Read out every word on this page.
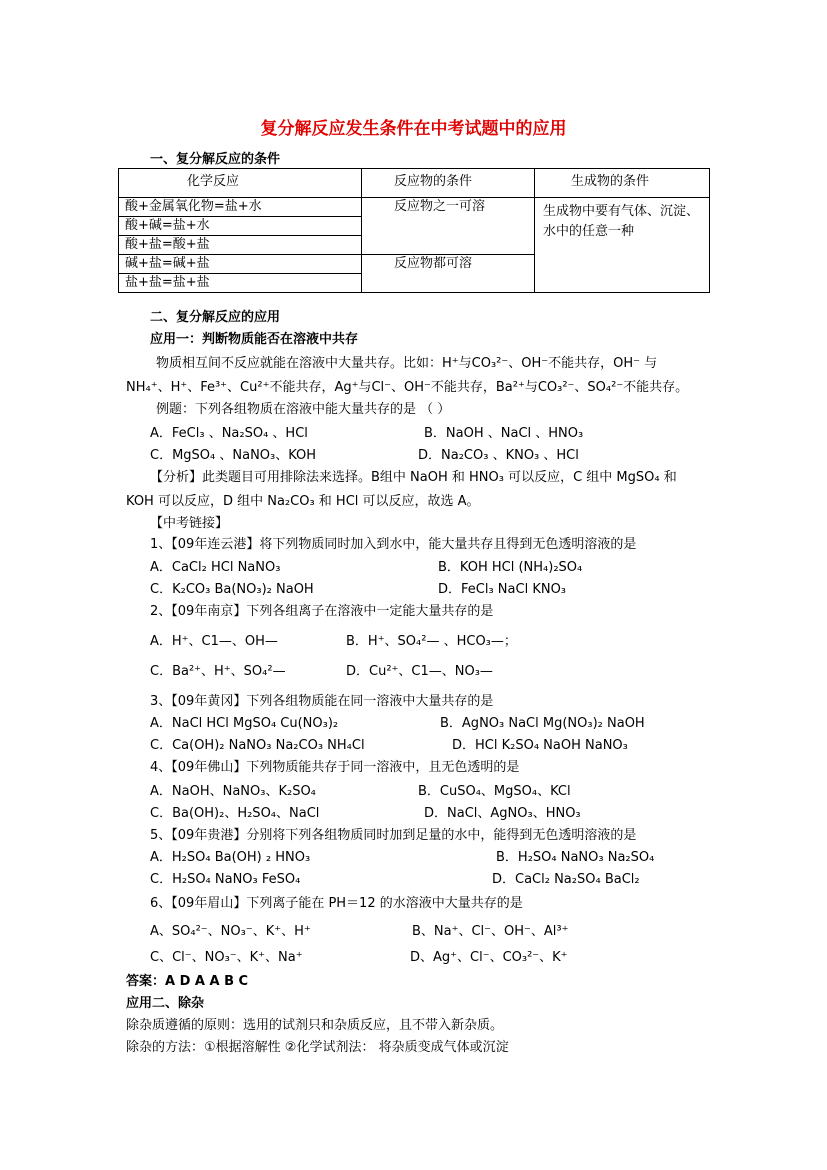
复分解反应发生条件在中考试题中的应用
一、复分解反应的条件
化学反应	反应物的条件	生成物的条件
酸+金属氧化物=盐+水	反应物之一可溶	生成物中要有气体、沉淀、水中的任意一种
酸+碱=盐+水		
酸+盐=酸+盐		
碱+盐=碱+盐	反应物都可溶	
盐+盐=盐+盐		
二、复分解反应的应用
应用一：判断物质能否在溶液中共存
物质相互间不反应就能在溶液中大量共存。比如：H⁺与CO₃²⁻、OH⁻不能共存，OH⁻ 与
NH₄⁺、H⁺、Fe³⁺、Cu²⁺不能共存，Ag⁺与Cl⁻、OH⁻不能共存，Ba²⁺与CO₃²⁻、SO₄²⁻不能共存。
例题：下列各组物质在溶液中能大量共存的是 （ ）
A．FeCl₃ 、Na₂SO₄ 、HCl	B．NaOH 、NaCl 、HNO₃
C．MgSO₄ 、NaNO₃、KOH	D．Na₂CO₃ 、KNO₃ 、HCl
【分析】此类题目可用排除法来选择。B组中 NaOH 和 HNO₃ 可以反应，C 组中 MgSO₄ 和
KOH 可以反应，D 组中 Na₂CO₃ 和 HCl 可以反应，故选 A。
【中考链接】
1、【09年连云港】将下列物质同时加入到水中，能大量共存且得到无色透明溶液的是
A．CaCl₂ HCl NaNO₃	B．KOH HCl (NH₄)₂SO₄
C．K₂CO₃ Ba(NO₃)₂ NaOH	D．FeCl₃ NaCl KNO₃
2、【09年南京】下列各组离子在溶液中一定能大量共存的是
A．H⁺、C1—、OH—	B．H⁺、SO₄²— 、HCO₃—；
C．Ba²⁺、H⁺、SO₄²—	D．Cu²⁺、C1—、NO₃—
3、【09年黄冈】下列各组物质能在同一溶液中大量共存的是
A．NaCl HCl MgSO₄ Cu(NO₃)₂	B．AgNO₃ NaCl Mg(NO₃)₂ NaOH
C．Ca(OH)₂ NaNO₃ Na₂CO₃ NH₄Cl	D．HCl K₂SO₄ NaOH NaNO₃
4、【09年佛山】下列物质能共存于同一溶液中，且无色透明的是
A．NaOH、NaNO₃、K₂SO₄	B．CuSO₄、MgSO₄、KCl
C．Ba(OH)₂、H₂SO₄、NaCl	D．NaCl、AgNO₃、HNO₃
5、【09年贵港】分别将下列各组物质同时加到足量的水中，能得到无色透明溶液的是
A．H₂SO₄ Ba(OH) ₂ HNO₃	B．H₂SO₄ NaNO₃ Na₂SO₄
C．H₂SO₄ NaNO₃ FeSO₄	D．CaCl₂ Na₂SO₄ BaCl₂
6、【09年眉山】下列离子能在 PH＝12 的水溶液中大量共存的是
A、SO₄²⁻、NO₃⁻、K⁺、H⁺	B、Na⁺、Cl⁻、OH⁻、Al³⁺
C、Cl⁻、NO₃⁻、K⁺、Na⁺	D、Ag⁺、Cl⁻、CO₃²⁻、K⁺
答案：A D A A B C
应用二、除杂
除杂质遵循的原则：选用的试剂只和杂质反应，且不带入新杂质。
除杂的方法：①根据溶解性 ②化学试剂法： 将杂质变成气体或沉淀
